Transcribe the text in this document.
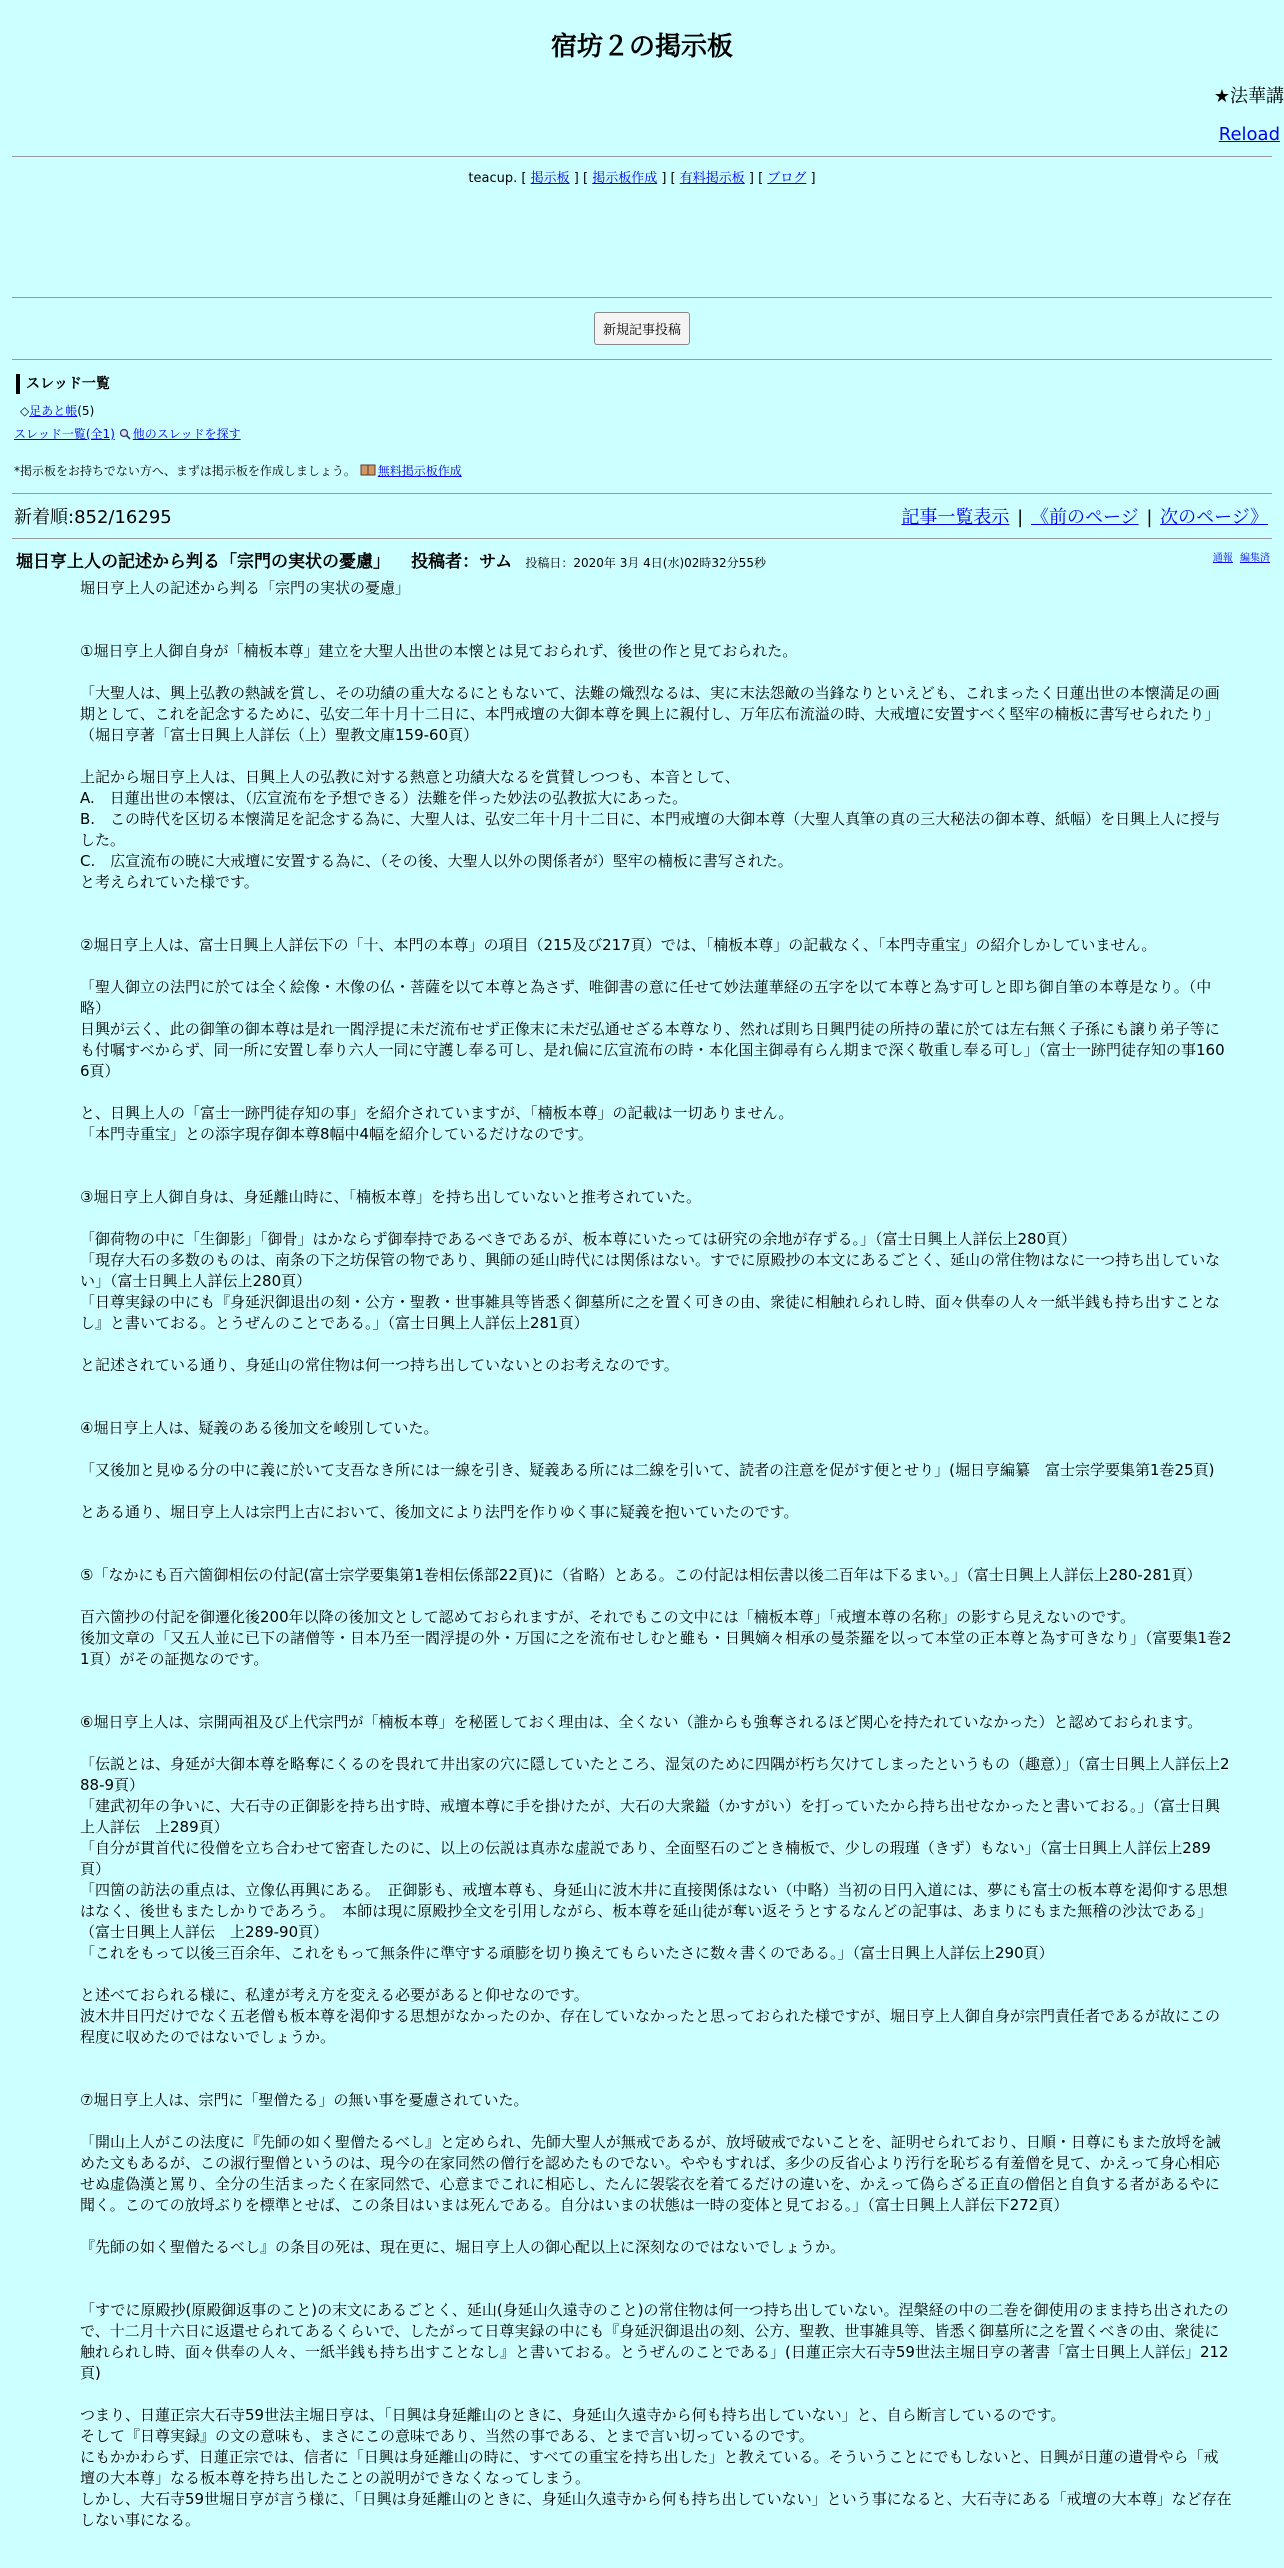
宿坊２の掲示板
★法華講
Reload
teacup. [ 掲示板 ] [ 掲示板作成 ] [ 有料掲示板 ] [ ブログ ]
新規記事投稿
スレッド一覧
◇足あと帳(5)
スレッド一覧(全1) 他のスレッドを探す
*掲示板をお持ちでない方へ、まずは掲示板を作成しましょう。 無料掲示板作成
新着順:852/16295	記事一覧表示 | 《前のページ | 次のページ》
堀日亨上人の記述から判る「宗門の実状の憂慮」 投稿者：サム 投稿日：2020年 3月 4日(水)02時32分55秒	通報 編集済
堀日亨上人の記述から判る「宗門の実状の憂慮」

①堀日亨上人御自身が「楠板本尊」建立を大聖人出世の本懐とは見ておられず、後世の作と見ておられた。

「大聖人は、興上弘教の熱誠を賞し、その功績の重大なるにともないて、法難の熾烈なるは、実に末法怨敵の当鋒なりといえども、これまったく日蓮出世の本懐満足の画期として、これを記念するために、弘安二年十月十二日に、本門戒壇の大御本尊を興上に親付し、万年広布流溢の時、大戒壇に安置すべく堅牢の楠板に書写せられたり」（堀日亨著「富士日興上人詳伝（上）聖教文庫159-60頁）

上記から堀日亨上人は、日興上人の弘教に対する熱意と功績大なるを賞賛しつつも、本音として、
A.　日蓮出世の本懐は、（広宣流布を予想できる）法難を伴った妙法の弘教拡大にあった。
B.　この時代を区切る本懐満足を記念する為に、大聖人は、弘安二年十月十二日に、本門戒壇の大御本尊（大聖人真筆の真の三大秘法の御本尊、紙幅）を日興上人に授与した。
C.　広宣流布の暁に大戒壇に安置する為に、（その後、大聖人以外の関係者が）堅牢の楠板に書写された。
と考えられていた様です。

②堀日亨上人は、富士日興上人詳伝下の「十、本門の本尊」の項目（215及び217頁）では、「楠板本尊」の記載なく、「本門寺重宝」の紹介しかしていません。

「聖人御立の法門に於ては全く絵像・木像の仏・菩薩を以て本尊と為さず、唯御書の意に任せて妙法蓮華経の五字を以て本尊と為す可しと即ち御自筆の本尊是なり。（中略）
日興が云く、此の御筆の御本尊は是れ一閻浮提に未だ流布せず正像末に未だ弘通せざる本尊なり、然れば則ち日興門徒の所持の輩に於ては左右無く子孫にも譲り弟子等にも付嘱すべからず、同一所に安置し奉り六人一同に守護し奉る可し、是れ偏に広宣流布の時・本化国主御尋有らん期まで深く敬重し奉る可し」（富士一跡門徒存知の事1606頁）

と、日興上人の「富士一跡門徒存知の事」を紹介されていますが、「楠板本尊」の記載は一切ありません。
「本門寺重宝」との添字現存御本尊8幅中4幅を紹介しているだけなのです。

③堀日亨上人御自身は、身延離山時に、「楠板本尊」を持ち出していないと推考されていた。

「御荷物の中に「生御影」「御骨」はかならず御奉持であるべきであるが、板本尊にいたっては研究の余地が存ずる。」（富士日興上人詳伝上280頁）
「現存大石の多数のものは、南条の下之坊保管の物であり、興師の延山時代には関係はない。すでに原殿抄の本文にあるごとく、延山の常住物はなに一つ持ち出していない」（富士日興上人詳伝上280頁）
「日尊実録の中にも『身延沢御退出の刻・公方・聖教・世事雑具等皆悉く御墓所に之を置く可きの由、衆徒に相触れられし時、面々供奉の人々一紙半銭も持ち出すことなし』と書いておる。とうぜんのことである。」（富士日興上人詳伝上281頁）

と記述されている通り、身延山の常住物は何一つ持ち出していないとのお考えなのです。

④堀日亨上人は、疑義のある後加文を峻別していた。

「又後加と見ゆる分の中に義に於いて支吾なき所には一線を引き、疑義ある所には二線を引いて、読者の注意を促がす便とせり」(堀日亨編纂　富士宗学要集第1巻25頁)

とある通り、堀日亨上人は宗門上古において、後加文により法門を作りゆく事に疑義を抱いていたのです。

⑤「なかにも百六箇御相伝の付記(富士宗学要集第1巻相伝係部22頁)に（省略）とある。この付記は相伝書以後二百年は下るまい。」（富士日興上人詳伝上280-281頁）

百六箇抄の付記を御遷化後200年以降の後加文として認めておられますが、それでもこの文中には「楠板本尊」「戒壇本尊の名称」の影すら見えないのです。
後加文章の「又五人並に已下の諸僧等・日本乃至一閻浮提の外・万国に之を流布せしむと雖も・日興嫡々相承の曼荼羅を以って本堂の正本尊と為す可きなり」（富要集1巻21頁）がその証拠なのです。

⑥堀日亨上人は、宗開両祖及び上代宗門が「楠板本尊」を秘匿しておく理由は、全くない（誰からも強奪されるほど関心を持たれていなかった）と認めておられます。

「伝説とは、身延が大御本尊を略奪にくるのを畏れて井出家の穴に隠していたところ、湿気のために四隅が朽ち欠けてしまったというもの（趣意）」（富士日興上人詳伝上288-9頁）
「建武初年の争いに、大石寺の正御影を持ち出す時、戒壇本尊に手を掛けたが、大石の大衆鎰（かすがい）を打っていたから持ち出せなかったと書いておる。」（富士日興上人詳伝　上289頁）
「自分が貫首代に役僧を立ち合わせて密査したのに、以上の伝説は真赤な虚説であり、全面堅石のごとき楠板で、少しの瑕瑾（きず）もない」（富士日興上人詳伝上289頁）
「四箇の訪法の重点は、立像仏再興にある。　正御影も、戒壇本尊も、身延山に波木井に直接関係はない（中略）当初の日円入道には、夢にも富士の板本尊を渇仰する思想はなく、後世もまたしかりであろう。　本師は現に原殿抄全文を引用しながら、板本尊を延山徒が奪い返そうとするなんどの記事は、あまりにもまた無稽の沙汰である」（富士日興上人詳伝　上289-90頁）
「これをもって以後三百余年、これをもって無条件に準守する頑膨を切り換えてもらいたさに数々書くのである。」（富士日興上人詳伝上290頁）

と述べておられる様に、私達が考え方を変える必要があると仰せなのです。
波木井日円だけでなく五老僧も板本尊を渇仰する思想がなかったのか、存在していなかったと思っておられた様ですが、堀日亨上人御自身が宗門責任者であるが故にこの程度に収めたのではないでしょうか。

⑦堀日亨上人は、宗門に「聖僧たる」の無い事を憂慮されていた。

「開山上人がこの法度に『先師の如く聖僧たるべし』と定められ、先師大聖人が無戒であるが、放埒破戒でないことを、証明せられており、日順・日尊にもまた放埒を誡めた文もあるが、この淑行聖僧というのは、現今の在家同然の僧行を認めたものでない。ややもすれば、多少の反省心より汚行を恥ぢる有羞僧を見て、かえって身心相応せぬ虚偽漢と罵り、全分の生活まったく在家同然で、心意までこれに相応し、たんに袈裟衣を着てるだけの違いを、かえって偽らざる正直の僧侶と自負する者があるやに聞く。このての放埒ぶりを標準とせば、この条目はいまは死んである。自分はいまの状態は一時の変体と見ておる。」（富士日興上人詳伝下272頁）

『先師の如く聖僧たるべし』の条目の死は、現在更に、堀日亨上人の御心配以上に深刻なのではないでしょうか。

「すでに原殿抄(原殿御返事のこと)の末文にあるごとく、延山(身延山久遠寺のこと)の常住物は何一つ持ち出していない。涅槃経の中の二巻を御使用のまま持ち出されたので、十二月十六日に返還せられてあるくらいで、したがって日尊実録の中にも『身延沢御退出の刻、公方、聖教、世事雑具等、皆悉く御墓所に之を置くべきの由、衆徒に触れられし時、面々供奉の人々、一紙半銭も持ち出すことなし』と書いておる。とうぜんのことである」(日蓮正宗大石寺59世法主堀日亨の著書「富士日興上人詳伝」212頁)

つまり、日蓮正宗大石寺59世法主堀日亨は、「日興は身延離山のときに、身延山久遠寺から何も持ち出していない」と、自ら断言しているのです。
そして『日尊実録』の文の意味も、まさにこの意味であり、当然の事である、とまで言い切っているのです。
にもかかわらず、日蓮正宗では、信者に「日興は身延離山の時に、すべての重宝を持ち出した」と教えている。そういうことにでもしないと、日興が日蓮の遺骨やら「戒壇の大本尊」なる板本尊を持ち出したことの説明ができなくなってしまう。
しかし、大石寺59世堀日亨が言う様に、「日興は身延離山のときに、身延山久遠寺から何も持ち出していない」という事になると、大石寺にある「戒壇の大本尊」など存在しない事になる。
